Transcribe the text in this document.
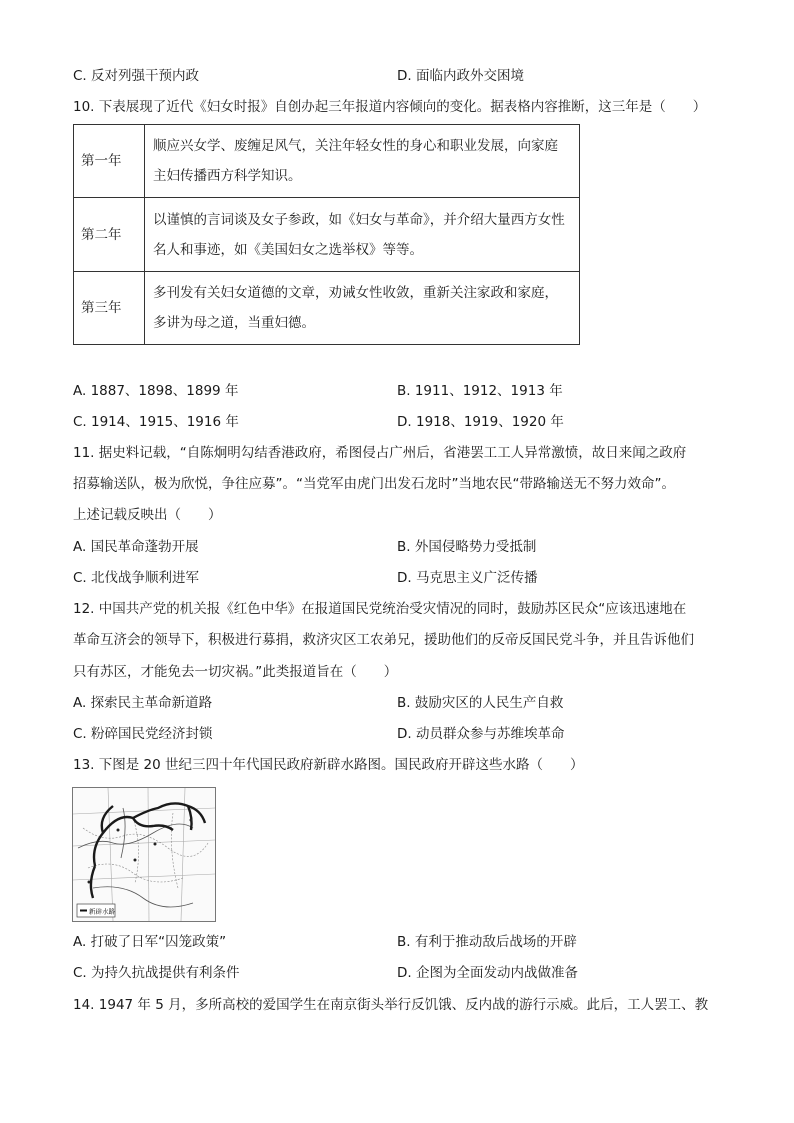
C. 反对列强干预内政	D. 面临内政外交困境
10. 下表展现了近代《妇女时报》自创办起三年报道内容倾向的变化。据表格内容推断，这三年是（　　）
第一年	顺应兴女学、废缠足风气，关注年轻女性的身心和职业发展，向家庭主妇传播西方科学知识。
第二年	以谨慎的言词谈及女子参政，如《妇女与革命》，并介绍大量西方女性名人和事迹，如《美国妇女之选举权》等等。
第三年	多刊发有关妇女道德的文章，劝诫女性收敛，重新关注家政和家庭，多讲为母之道，当重妇德。
A. 1887、1898、1899 年	B. 1911、1912、1913 年
C. 1914、1915、1916 年	D. 1918、1919、1920 年
11. 据史料记载，“自陈炯明勾结香港政府，希图侵占广州后，省港罢工工人异常激愤，故日来闻之政府
招募输送队，极为欣悦，争往应募”。“当党军由虎门出发石龙时”当地农民“带路输送无不努力效命”。
上述记载反映出（　　）
A. 国民革命蓬勃开展	B. 外国侵略势力受抵制
C. 北伐战争顺利进军	D. 马克思主义广泛传播
12. 中国共产党的机关报《红色中华》在报道国民党统治受灾情况的同时，鼓励苏区民众“应该迅速地在
革命互济会的领导下，积极进行募捐，救济灾区工农弟兄，援助他们的反帝反国民党斗争，并且告诉他们
只有苏区，才能免去一切灾祸。”此类报道旨在（　　）
A. 探索民主革命新道路	B. 鼓励灾区的人民生产自救
C. 粉碎国民党经济封锁	D. 动员群众参与苏维埃革命
13. 下图是 20 世纪三四十年代国民政府新辟水路图。国民政府开辟这些水路（　　）
新辟水路
A. 打破了日军“囚笼政策”	B. 有利于推动敌后战场的开辟
C. 为持久抗战提供有利条件	D. 企图为全面发动内战做准备
14. 1947 年 5 月，多所高校的爱国学生在南京街头举行反饥饿、反内战的游行示威。此后，工人罢工、教
